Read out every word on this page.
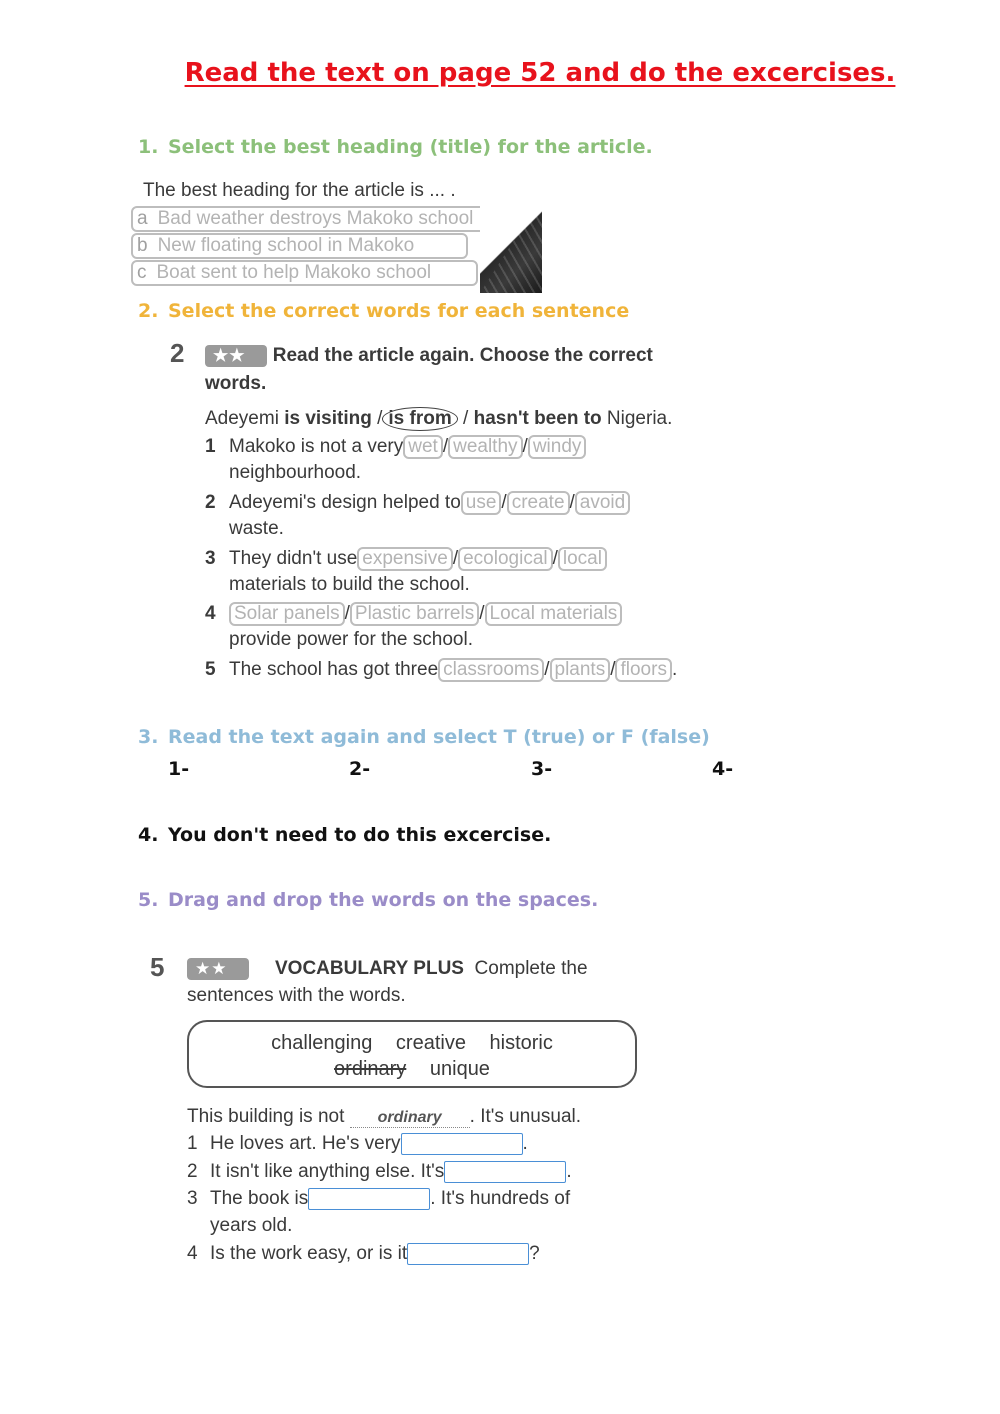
Read the text on page 52 and do the excercises.
1. Select the best heading (title) for the article.
The best heading for the article is ... .
a Bad weather destroys Makoko school
b New floating school in Makoko
c Boat sent to help Makoko school
2. Select the correct words for each sentence
2	★★ Read the article again. Choose the correct
words.
Adeyemi is visiting / is from / hasn't been to Nigeria.
1 Makoko is not a very wet / wealthy / windy
neighbourhood.
2 Adeyemi's design helped to use / create / avoid
waste.
3 They didn't use expensive / ecological / local
materials to build the school.
4 Solar panels / Plastic barrels / Local materials
provide power for the school.
5 The school has got three classrooms / plants / floors .
3. Read the text again and select T (true) or F (false)
1-	2-	3-	4-
4. You don't need to do this excercise.
5. Drag and drop the words on the spaces.
5	★★	VOCABULARY PLUS Complete the
sentences with the words.
challenging creative historic
ordinary unique
This building is not ordinary . It's unusual.
1 He loves art. He's very	.
2 It isn't like anything else. It's	.
3 The book is	. It's hundreds of
years old.
4 Is the work easy, or is it	?
